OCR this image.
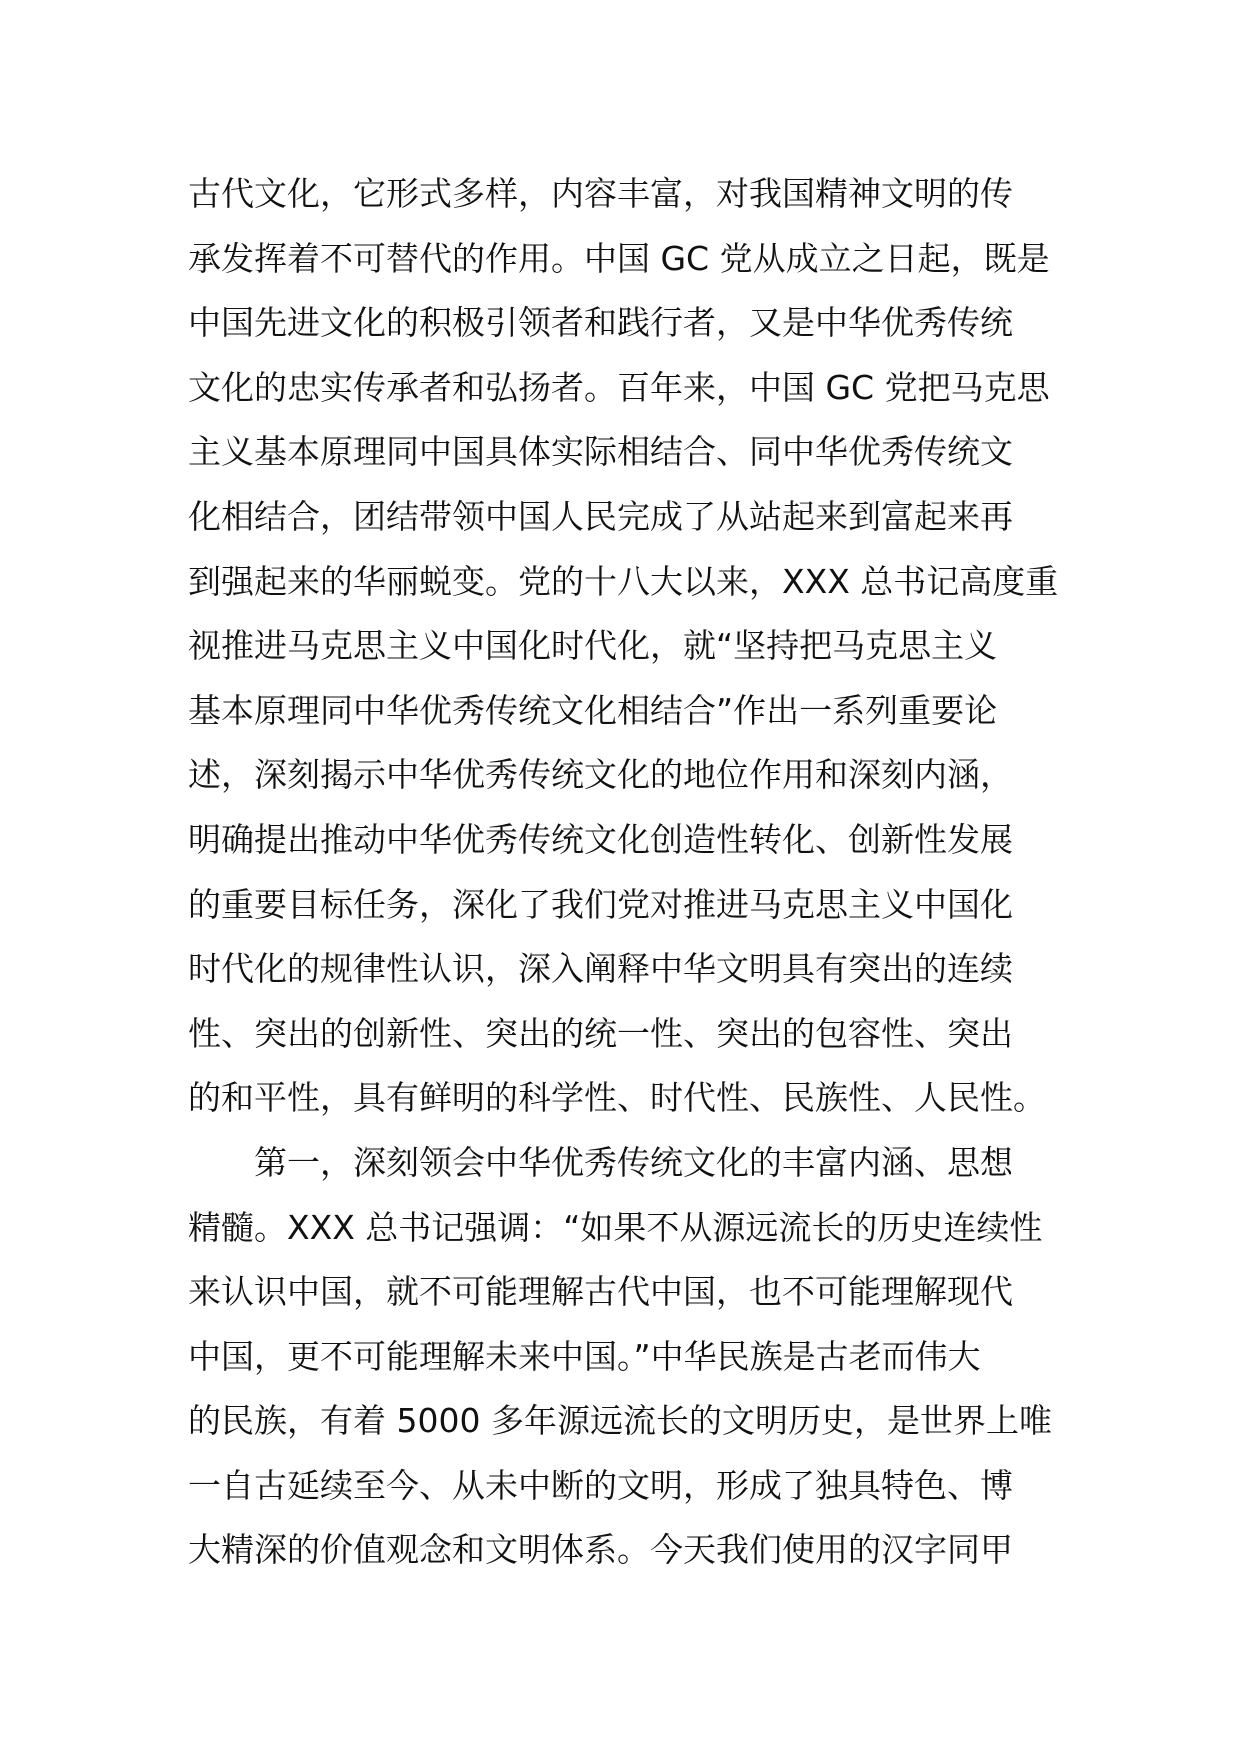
古代文化，它形式多样，内容丰富，对我国精神文明的传
承发挥着不可替代的作用。中国 GC 党从成立之日起，既是
中国先进文化的积极引领者和践行者，又是中华优秀传统
文化的忠实传承者和弘扬者。百年来，中国 GC 党把马克思
主义基本原理同中国具体实际相结合、同中华优秀传统文
化相结合，团结带领中国人民完成了从站起来到富起来再
到强起来的华丽蜕变。党的十八大以来，XXX 总书记高度重
视推进马克思主义中国化时代化，就“坚持把马克思主义
基本原理同中华优秀传统文化相结合”作出一系列重要论
述，深刻揭示中华优秀传统文化的地位作用和深刻内涵，
明确提出推动中华优秀传统文化创造性转化、创新性发展
的重要目标任务，深化了我们党对推进马克思主义中国化
时代化的规律性认识，深入阐释中华文明具有突出的连续
性、突出的创新性、突出的统一性、突出的包容性、突出
的和平性，具有鲜明的科学性、时代性、民族性、人民性。
第一，深刻领会中华优秀传统文化的丰富内涵、思想
精髓。XXX 总书记强调：“如果不从源远流长的历史连续性
来认识中国，就不可能理解古代中国，也不可能理解现代
中国，更不可能理解未来中国。”中华民族是古老而伟大
的民族，有着 5000 多年源远流长的文明历史，是世界上唯
一自古延续至今、从未中断的文明，形成了独具特色、博
大精深的价值观念和文明体系。今天我们使用的汉字同甲
